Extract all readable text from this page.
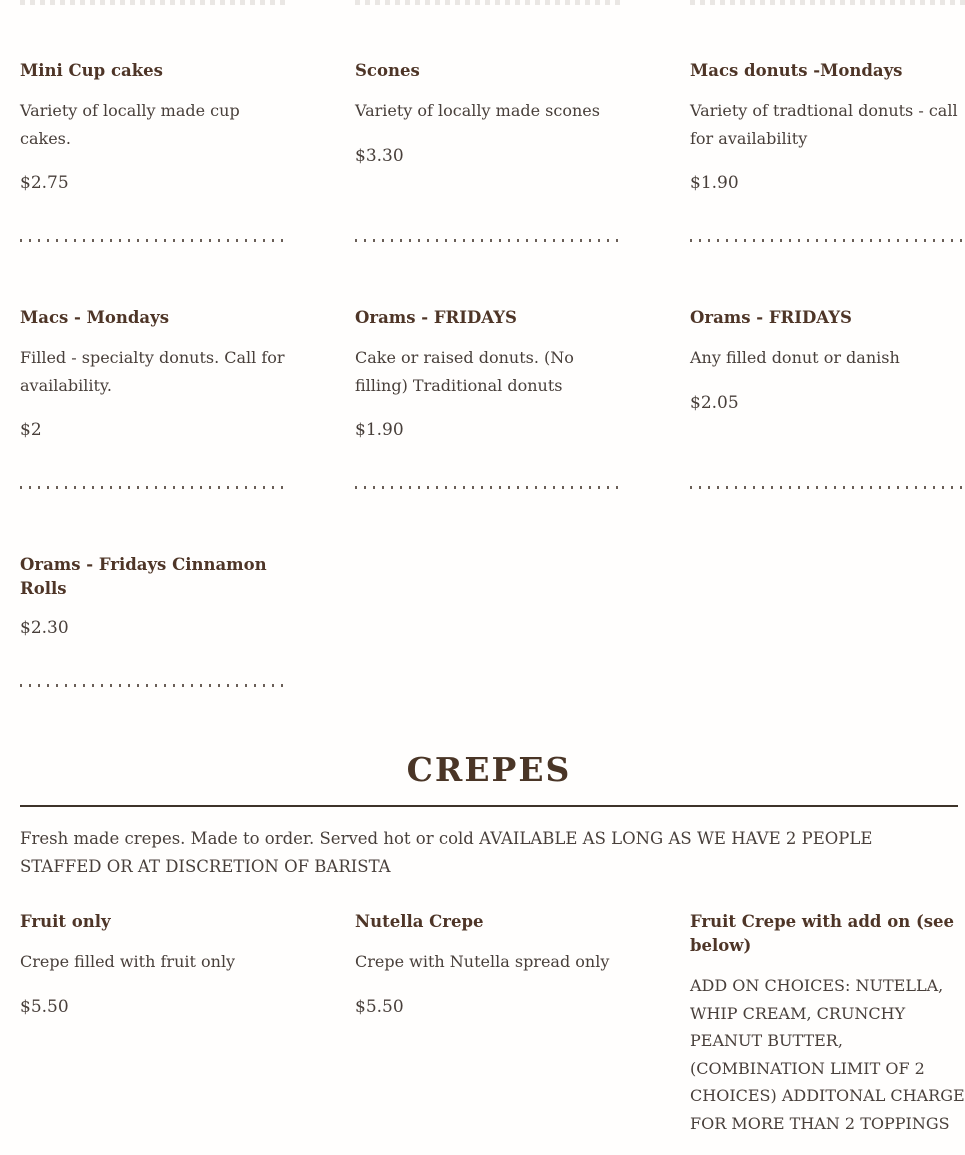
Mini Cup cakes

Variety of locally made cup cakes.

$2.75

Scones

Variety of locally made scones

$3.30

Macs donuts -Mondays

Variety of tradtional donuts - call for availability

$1.90

Macs - Mondays

Filled - specialty donuts. Call for availability.

$2

Orams - FRIDAYS

Cake or raised donuts. (No filling) Traditional donuts

$1.90

Orams - FRIDAYS

Any filled donut or danish

$2.05

Orams - Fridays Cinnamon Rolls

$2.30

CREPES

Fresh made crepes. Made to order. Served hot or cold AVAILABLE AS LONG AS WE HAVE 2 PEOPLE STAFFED OR AT DISCRETION OF BARISTA

Fruit only

Crepe filled with fruit only

$5.50

Nutella Crepe

Crepe with Nutella spread only

$5.50

Fruit Crepe with add on (see below)

ADD ON CHOICES: NUTELLA, WHIP CREAM, CRUNCHY PEANUT BUTTER, (COMBINATION LIMIT OF 2 CHOICES) ADDITONAL CHARGE FOR MORE THAN 2 TOPPINGS
